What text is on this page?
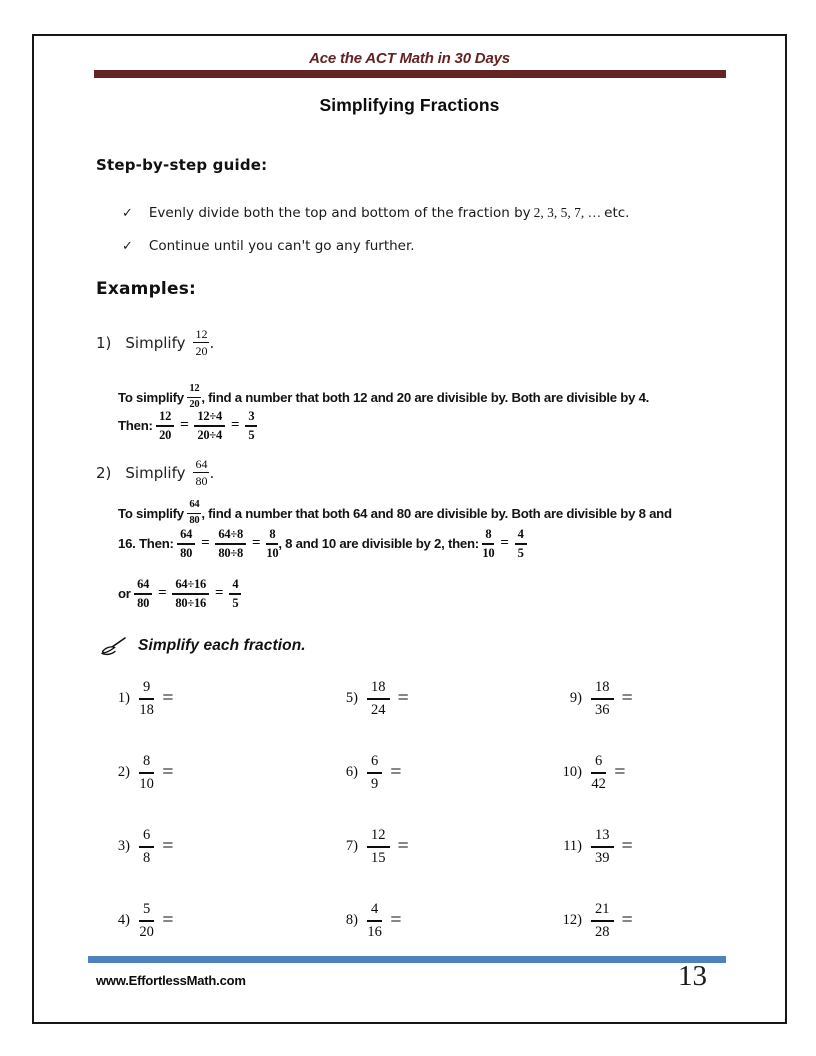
Ace the ACT Math in 30 Days
Simplifying Fractions
Step-by-step guide:
✓ Evenly divide both the top and bottom of the fraction by 2, 3, 5, 7, … etc.
✓ Continue until you can't go any further.
Examples:
1) Simplify $\frac{12}{20}$ .
To simplify
$\frac{12}{20}$ , find a number that both 12 and 20 are divisible by. Both are divisible by 4.
Then:
$\frac{12}{20} = \frac{12\div 4}{20\div 4} = \frac{3}{5}$
2) Simplify $\frac{64}{80}$ .
To simplify
$\frac{64}{80}$ , find a number that both 64 and 80 are divisible by. Both are divisible by 8 and
16. Then:
$\frac{64}{80} = \frac{64\div 8}{80\div 8} = \frac{8}{10}$ , 8 and 10 are divisible by 2, then:
$\frac{8}{10} = \frac{4}{5}$
or
$\frac{64}{80} = \frac{64\div 16}{80\div 16} = \frac{4}{5}$
Simplify each fraction.
$1) \frac{9}{18}$ =	$5) \frac{18}{24}$ =	$9) \frac{18}{36}$ =
$2) \frac{8}{10}$ =	$6) \frac{6}{9}$ =	$10) \frac{6}{42}$ =
$3) \frac{6}{8}$ =	$7) \frac{12}{15}$ =	$11) \frac{13}{39}$ =
$4) \frac{5}{20}$ =	$8) \frac{4}{16}$ =	$12) \frac{21}{28}$ =
www.EffortlessMath.com	13
